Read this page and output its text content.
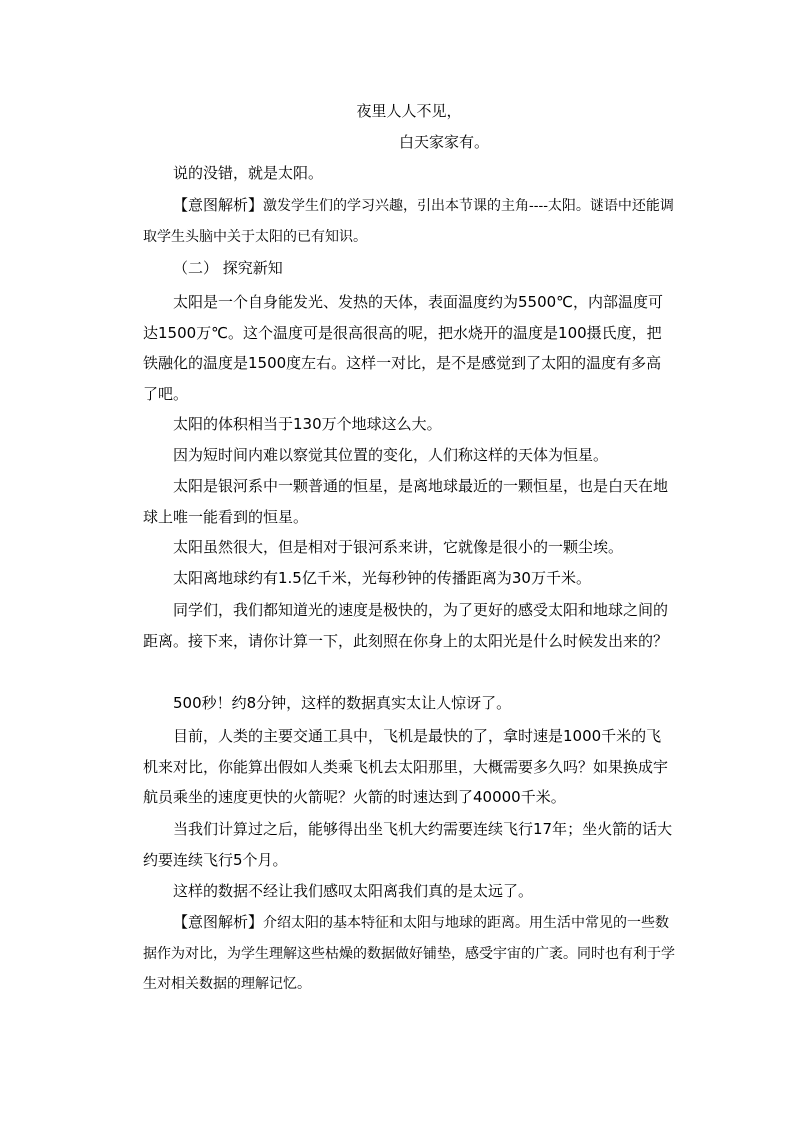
夜里人人不见，

白天家家有。

说的没错，就是太阳。

【意图解析】激发学生们的学习兴趣，引出本节课的主角----太阳。谜语中还能调取学生头脑中关于太阳的已有知识。

（二） 探究新知

太阳是一个自身能发光、发热的天体，表面温度约为5500℃，内部温度可达1500万℃。这个温度可是很高很高的呢，把水烧开的温度是100摄氏度，把铁融化的温度是1500度左右。这样一对比，是不是感觉到了太阳的温度有多高了吧。

太阳的体积相当于130万个地球这么大。

因为短时间内难以察觉其位置的变化，人们称这样的天体为恒星。

太阳是银河系中一颗普通的恒星，是离地球最近的一颗恒星，也是白天在地球上唯一能看到的恒星。

太阳虽然很大，但是相对于银河系来讲，它就像是很小的一颗尘埃。

太阳离地球约有1.5亿千米，光每秒钟的传播距离为30万千米。

同学们，我们都知道光的速度是极快的，为了更好的感受太阳和地球之间的距离。接下来，请你计算一下，此刻照在你身上的太阳光是什么时候发出来的？

500秒！约8分钟，这样的数据真实太让人惊讶了。

目前，人类的主要交通工具中，飞机是最快的了，拿时速是1000千米的飞机来对比，你能算出假如人类乘飞机去太阳那里，大概需要多久吗？如果换成宇航员乘坐的速度更快的火箭呢？火箭的时速达到了40000千米。

当我们计算过之后，能够得出坐飞机大约需要连续飞行17年；坐火箭的话大约要连续飞行5个月。

这样的数据不经让我们感叹太阳离我们真的是太远了。

【意图解析】介绍太阳的基本特征和太阳与地球的距离。用生活中常见的一些数据作为对比，为学生理解这些枯燥的数据做好铺垫，感受宇宙的广袤。同时也有利于学生对相关数据的理解记忆。
